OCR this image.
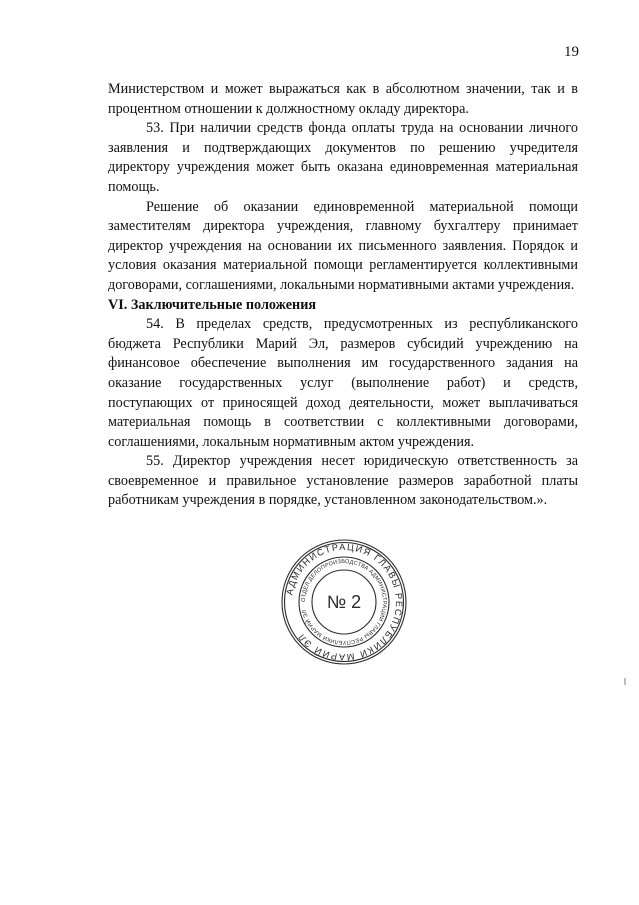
19

Министерством и может выражаться как в абсолютном значении, так и в процентном отношении к должностному окладу директора.

53. При наличии средств фонда оплаты труда на основании личного заявления и подтверждающих документов по решению учредителя директору учреждения может быть оказана единовременная материальная помощь.

Решение об оказании единовременной материальной помощи заместителям директора учреждения, главному бухгалтеру принимает директор учреждения на основании их письменного заявления. Порядок и условия оказания материальной помощи регламентируется коллективными договорами, соглашениями, локальными нормативными актами учреждения.

VI. Заключительные положения

54. В пределах средств, предусмотренных из республиканского бюджета Республики Марий Эл, размеров субсидий учреждению на финансовое обеспечение выполнения им государственного задания на оказание государственных услуг (выполнение работ) и средств, поступающих от приносящей доход деятельности, может выплачиваться материальная помощь в соответствии с коллективными договорами, соглашениями, локальным нормативным актом учреждения.

55. Директор учреждения несет юридическую ответственность за своевременное и правильное установление размеров заработной платы работникам учреждения в порядке, установленном законодательством.».

АДМИНИСТРАЦИЯ ГЛАВЫ РЕСПУБЛИКИ МАРИЙ ЭЛ
ОТДЕЛ ДЕЛОПРОИЗВОДСТВА АДМИНИСТРАЦИИ ГЛАВЫ РЕСПУБЛИКИ МАРИЙ ЭЛ	№ 2
